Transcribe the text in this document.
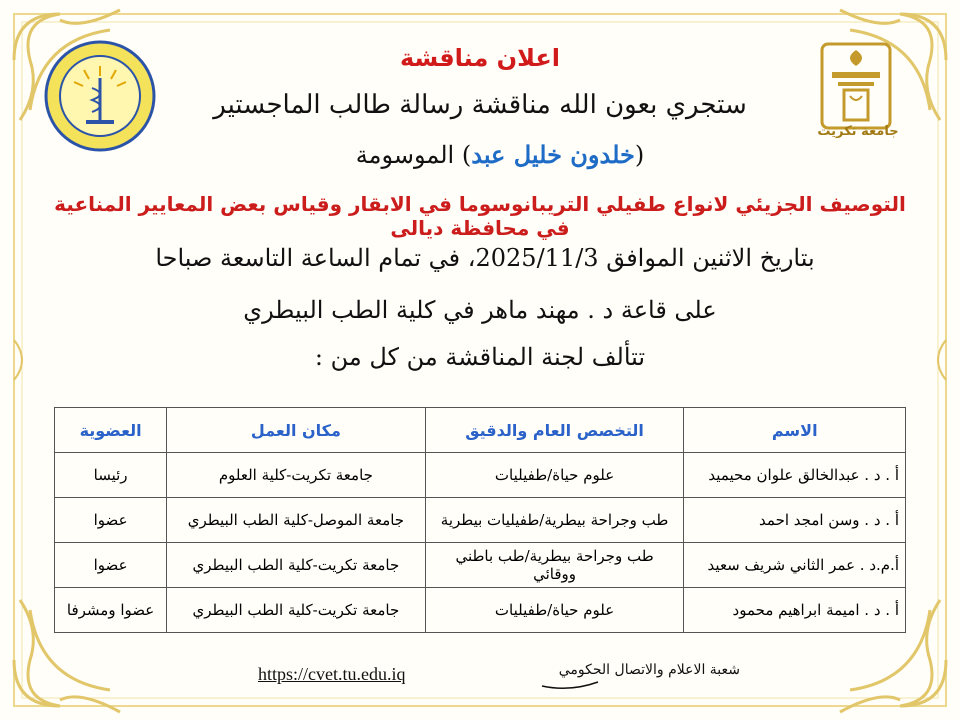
جامعة تكريت
اعلان مناقشة
ستجري بعون الله مناقشة رسالة طالب الماجستير
(خلدون خليل عبد) الموسومة
التوصيف الجزيئي لانواع طفيلي التريبانوسوما في الابقار وقياس بعض المعايير المناعية في محافظة ديالى
بتاريخ الاثنين الموافق 2025/11/3، في تمام الساعة التاسعة صباحا
على قاعة د . مهند ماهر في كلية الطب البيطري
تتألف لجنة المناقشة من كل من :
الاسم	التخصص العام والدقيق	مكان العمل	العضوية
أ . د . عبدالخالق علوان محيميد	علوم حياة/طفيليات	جامعة تكريت-كلية العلوم	رئيسا
أ . د . وسن امجد احمد	طب وجراحة بيطرية/طفيليات بيطرية	جامعة الموصل-كلية الطب البيطري	عضوا
أ.م.د . عمر الثاني شريف سعيد	طب وجراحة بيطرية/طب باطني ووقائي	جامعة تكريت-كلية الطب البيطري	عضوا
أ . د . اميمة ابراهيم محمود	علوم حياة/طفيليات	جامعة تكريت-كلية الطب البيطري	عضوا ومشرفا
https://cvet.tu.edu.iq	شعبة الاعلام والاتصال الحكومي
